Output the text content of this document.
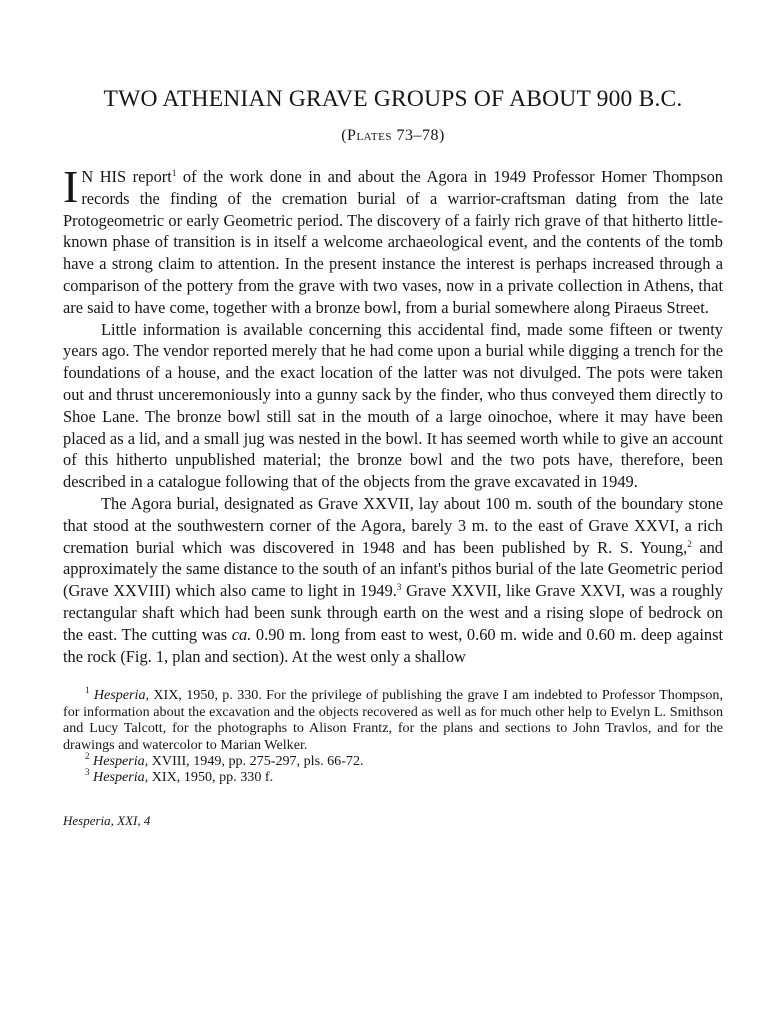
TWO ATHENIAN GRAVE GROUPS OF ABOUT 900 B.C.
(Plates 73–78)

I N HIS report$^1$ of the work done in and about the Agora in 1949 Professor Homer Thompson records the finding of the cremation burial of a warrior-craftsman dating from the late Protogeometric or early Geometric period. The discovery of a fairly rich grave of that hitherto little-known phase of transition is in itself a welcome archaeological event, and the contents of the tomb have a strong claim to attention. In the present instance the interest is perhaps increased through a comparison of the pottery from the grave with two vases, now in a private collection in Athens, that are said to have come, together with a bronze bowl, from a burial somewhere along Piraeus Street.

Little information is available concerning this accidental find, made some fifteen or twenty years ago. The vendor reported merely that he had come upon a burial while digging a trench for the foundations of a house, and the exact location of the latter was not divulged. The pots were taken out and thrust unceremoniously into a gunny sack by the finder, who thus conveyed them directly to Shoe Lane. The bronze bowl still sat in the mouth of a large oinochoe, where it may have been placed as a lid, and a small jug was nested in the bowl. It has seemed worth while to give an account of this hitherto unpublished material; the bronze bowl and the two pots have, therefore, been described in a catalogue following that of the objects from the grave excavated in 1949.

The Agora burial, designated as Grave XXVII, lay about 100 m. south of the boundary stone that stood at the southwestern corner of the Agora, barely 3 m. to the east of Grave XXVI, a rich cremation burial which was discovered in 1948 and has been published by R. S. Young,$^2$ and approximately the same distance to the south of an infant's pithos burial of the late Geometric period (Grave XXVIII) which also came to light in 1949.$^3$ Grave XXVII, like Grave XXVI, was a roughly rectangular shaft which had been sunk through earth on the west and a rising slope of bedrock on the east. The cutting was ca. 0.90 m. long from east to west, 0.60 m. wide and 0.60 m. deep against the rock (Fig. 1, plan and section). At the west only a shallow

$^1$ Hesperia, XIX, 1950, p. 330. For the privilege of publishing the grave I am indebted to Professor Thompson, for information about the excavation and the objects recovered as well as for much other help to Evelyn L. Smithson and Lucy Talcott, for the photographs to Alison Frantz, for the plans and sections to John Travlos, and for the drawings and watercolor to Marian Welker.

$^2$ Hesperia, XVIII, 1949, pp. 275-297, pls. 66-72.

$^3$ Hesperia, XIX, 1950, pp. 330 f.

Hesperia, XXI, 4
